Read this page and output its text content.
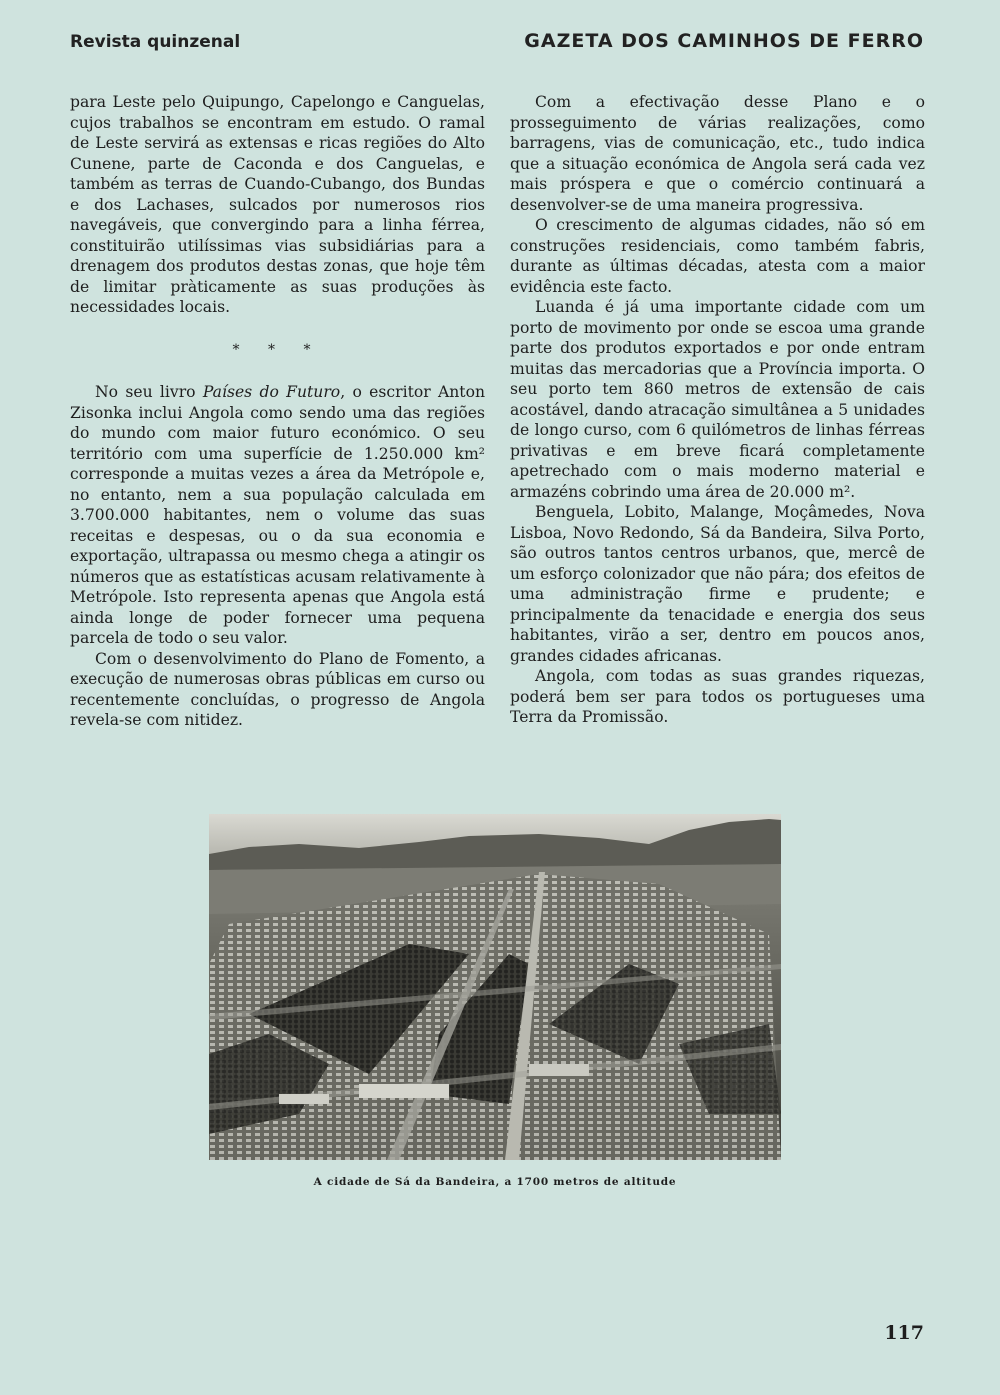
Revista quinzenal	GAZETA DOS CAMINHOS DE FERRO

para Leste pelo Quipungo, Capelongo e Canguelas, cujos trabalhos se encontram em estudo. O ramal de Leste servirá as extensas e ricas regiões do Alto Cunene, parte de Caconda e dos Canguelas, e também as terras de Cuando-Cubango, dos Bundas e dos Lachases, sulcados por numerosos rios navegáveis, que convergindo para a linha férrea, constituirão utilíssimas vias subsidiárias para a drenagem dos produtos destas zonas, que hoje têm de limitar pràticamente as suas produções às necessidades locais.

* * *

No seu livro Países do Futuro, o escritor Anton Zisonka inclui Angola como sendo uma das regiões do mundo com maior futuro económico. O seu território com uma superfície de 1.250.000 km² corresponde a muitas vezes a área da Metrópole e, no entanto, nem a sua população calculada em 3.700.000 habitantes, nem o volume das suas receitas e despesas, ou o da sua economia e exportação, ultrapassa ou mesmo chega a atingir os números que as estatísticas acusam relativamente à Metrópole. Isto representa apenas que Angola está ainda longe de poder fornecer uma pequena parcela de todo o seu valor.

Com o desenvolvimento do Plano de Fomento, a execução de numerosas obras públicas em curso ou recentemente concluídas, o progresso de Angola revela-se com nitidez.

Com a efectivação desse Plano e o prosseguimento de várias realizações, como barragens, vias de comunicação, etc., tudo indica que a situação económica de Angola será cada vez mais próspera e que o comércio continuará a desenvolver-se de uma maneira progressiva.

O crescimento de algumas cidades, não só em construções residenciais, como também fabris, durante as últimas décadas, atesta com a maior evidência este facto.

Luanda é já uma importante cidade com um porto de movimento por onde se escoa uma grande parte dos produtos exportados e por onde entram muitas das mercadorias que a Província importa. O seu porto tem 860 metros de extensão de cais acostável, dando atracação simultânea a 5 unidades de longo curso, com 6 quilómetros de linhas férreas privativas e em breve ficará completamente apetrechado com o mais moderno material e armazéns cobrindo uma área de 20.000 m².

Benguela, Lobito, Malange, Moçâmedes, Nova Lisboa, Novo Redondo, Sá da Bandeira, Silva Porto, são outros tantos centros urbanos, que, mercê de um esforço colonizador que não pára; dos efeitos de uma administração firme e prudente; e principalmente da tenacidade e energia dos seus habitantes, virão a ser, dentro em poucos anos, grandes cidades africanas.

Angola, com todas as suas grandes riquezas, poderá bem ser para todos os portugueses uma Terra da Promissão.

A cidade de Sá da Bandeira, a 1700 metros de altitude
117
